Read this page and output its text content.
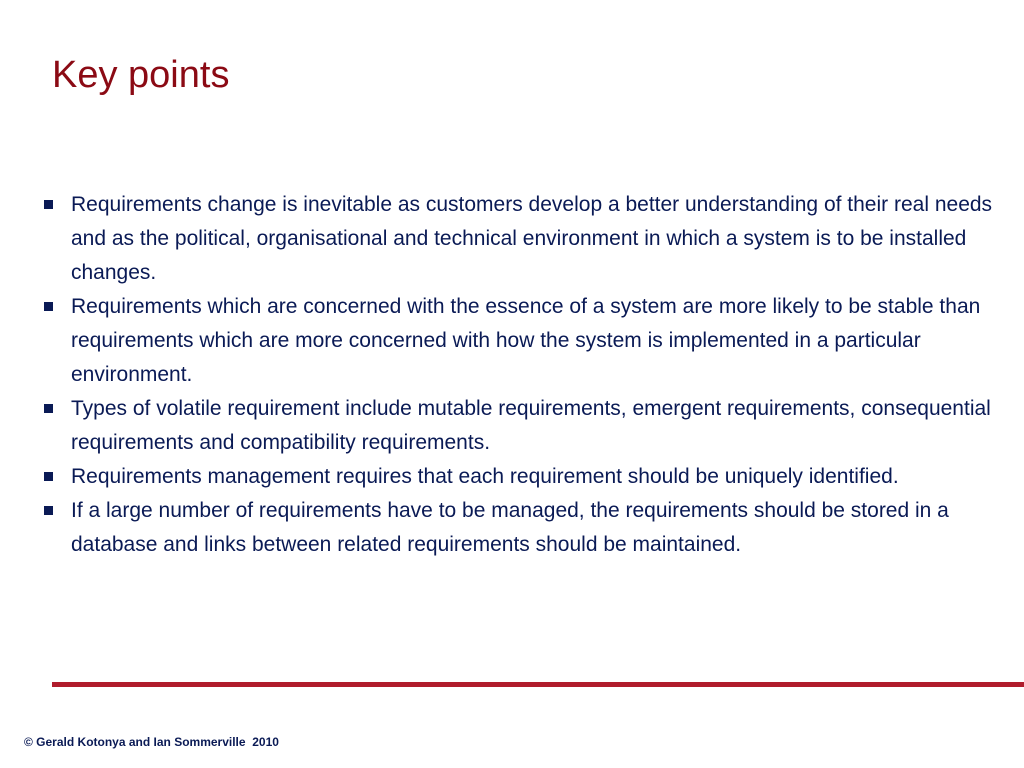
Key points
Requirements change is inevitable as customers develop a better understanding of their real needs and as the political, organisational and technical environment in which a system is to be installed changes.
Requirements which are concerned with the essence of a system are more likely to be stable than requirements which are more concerned with how the system is implemented in a particular environment.
Types of volatile requirement include mutable requirements, emergent requirements, consequential requirements and compatibility requirements.
Requirements management requires that each requirement should be uniquely identified.
If a large number of requirements have to be managed, the requirements should be stored in a database and links between related requirements should be maintained.
© Gerald Kotonya and Ian Sommerville  2010
